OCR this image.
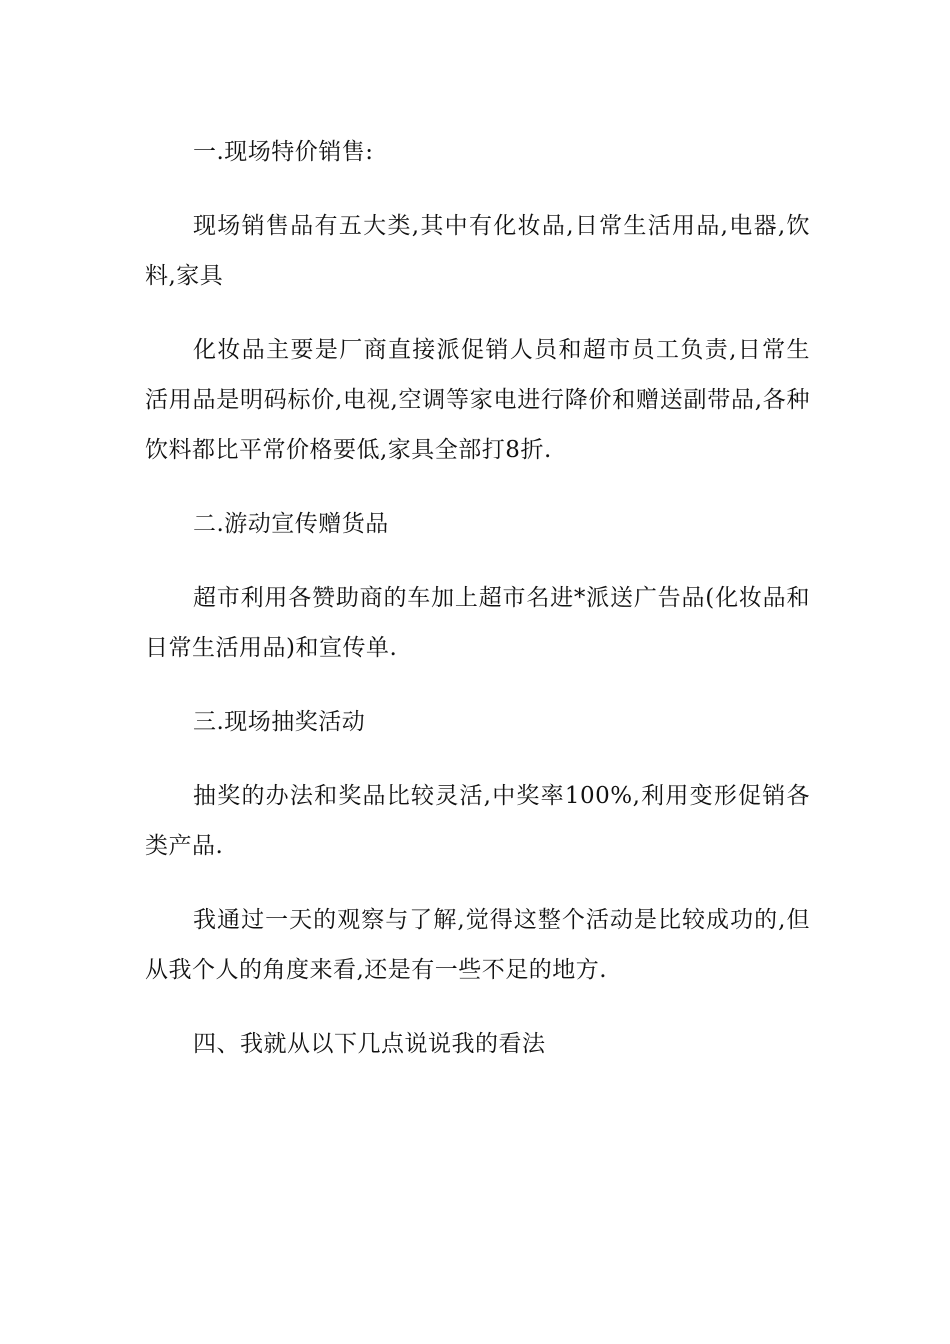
一.现场特价销售:

现场销售品有五大类,其中有化妆品,日常生活用品,电器,饮料,家具

化妆品主要是厂商直接派促销人员和超市员工负责,日常生活用品是明码标价,电视,空调等家电进行降价和赠送副带品,各种饮料都比平常价格要低,家具全部打8折.

二.游动宣传赠货品

超市利用各赞助商的车加上超市名进*派送广告品(化妆品和日常生活用品)和宣传单.

三.现场抽奖活动

抽奖的办法和奖品比较灵活,中奖率100%,利用变形促销各类产品.

我通过一天的观察与了解,觉得这整个活动是比较成功的,但从我个人的角度来看,还是有一些不足的地方.

四、我就从以下几点说说我的看法
